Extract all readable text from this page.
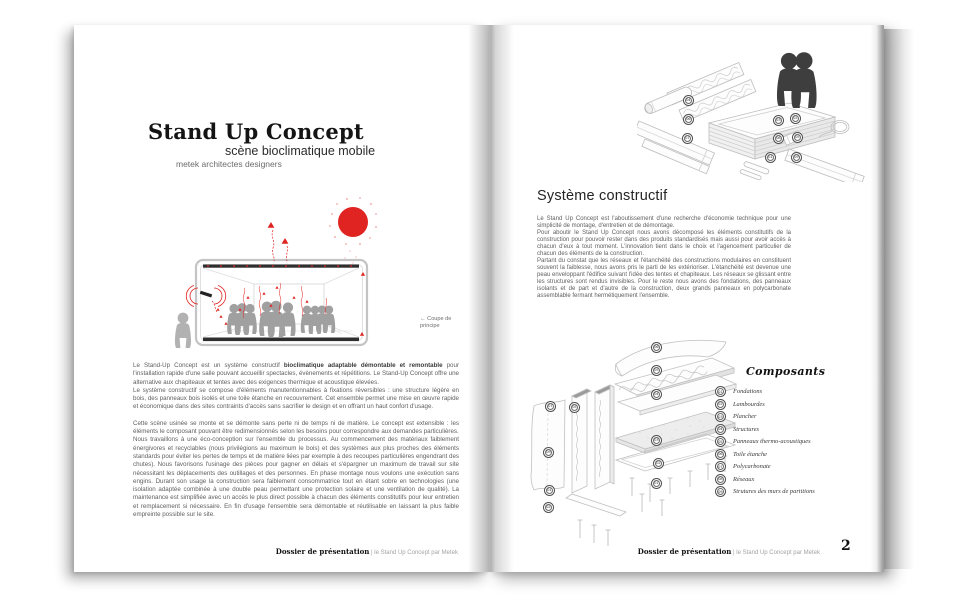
Stand Up Concept
scène bioclimatique mobile
metek architectes designers
← Coupe de principe

Le Stand-Up Concept est un système constructif bioclimatique adaptable démontable et remontable pour l'installation rapide d'une salle pouvant accueillir spectacles, évènements et répétitions. Le Stand-Up Concept offre une alternative aux chapiteaux et tentes avec des exigences thermique et acoustique élevées.

Le système constructif se compose d'éléments manutentionnables à fixations réversibles : une structure légère en bois, des panneaux bois isolés et une toile étanche en recouvrement. Cet ensemble permet une mise en œuvre rapide et économique dans des sites contraints d'accès sans sacrifier le design et en offrant un haut confort d'usage.

Cette scène usinée se monte et se démonte sans perte ni de temps ni de matière. Le concept est extensible : les éléments le composant pouvant être redimensionnés selon les besoins pour correspondre aux demandes particulières.

Nous travaillons à une éco-conception sur l'ensemble du processus. Au commencement des matériaux faiblement énergivores et recyclables (nous privilégions au maximum le bois) et des systèmes aux plus proches des éléments standards pour éviter les pertes de temps et de matière liées par exemple à des recoupes particulières engendrant des chutes). Nous favorisons l'usinage des pièces pour gagner en délais et s'épargner un maximum de travail sur site nécessitant les déplacements des outillages et des personnes. En phase montage nous voulons une exécution sans engins. Durant son usage la construction sera faiblement consommatrice tout en étant sobre en technologies (une isolation adaptée combinée à une double peau permettant une protection solaire et une ventilation de qualité). La maintenance est simplifiée avec un accès le plus direct possible à chacun des éléments constitutifs pour leur entretien et remplacement si nécessaire. En fin d'usage l'ensemble sera démontable et réutilisable en laissant la plus faible empreinte possible sur le site.

Dossier de présentation | le Stand Up Concept par Metek
Système constructif

Le Stand Up Concept est l'aboutissement d'une recherche d'économie technique pour une simplicité de montage, d'entretien et de démontage.

Pour aboutir le Stand Up Concept nous avons décomposé les éléments constitutifs de la construction pour pouvoir rester dans des produits standardisés mais aussi pour avoir accès à chacun d'eux à tout moment. L'innovation tient dans le choix et l'agencement particulier de chacun des éléments de la construction.

Partant du constat que les réseaux et l'étanchéité des constructions modulaires en constituent souvent la faiblesse, nous avons pris le parti de les extérioriser. L'étanchéité est devenue une peau enveloppant l'édifice suivant l'idée des tentes et chapiteaux. Les réseaux se glissant entre les structures sont rendus invisibles. Pour le reste nous avons des fondations, des panneaux isolants et de part et d'autre de la construction, deux grands panneaux en polycarbonate assemblable fermant hermétiquement l'ensemble.

04
06
07
03
08
02
05
01	09
07	05
09
01
02
06
05
04
03
02
01
Composants
01 Fondations
02 Lambourdes
03 Plancher
04 Structures
05 Panneaux thermo-acoustiques
06 Toile étanche
07 Polycarbonate
08 Réseaux
09 Strutures des murs de partitions
Dossier de présentation | le Stand Up Concept par Metek 2
